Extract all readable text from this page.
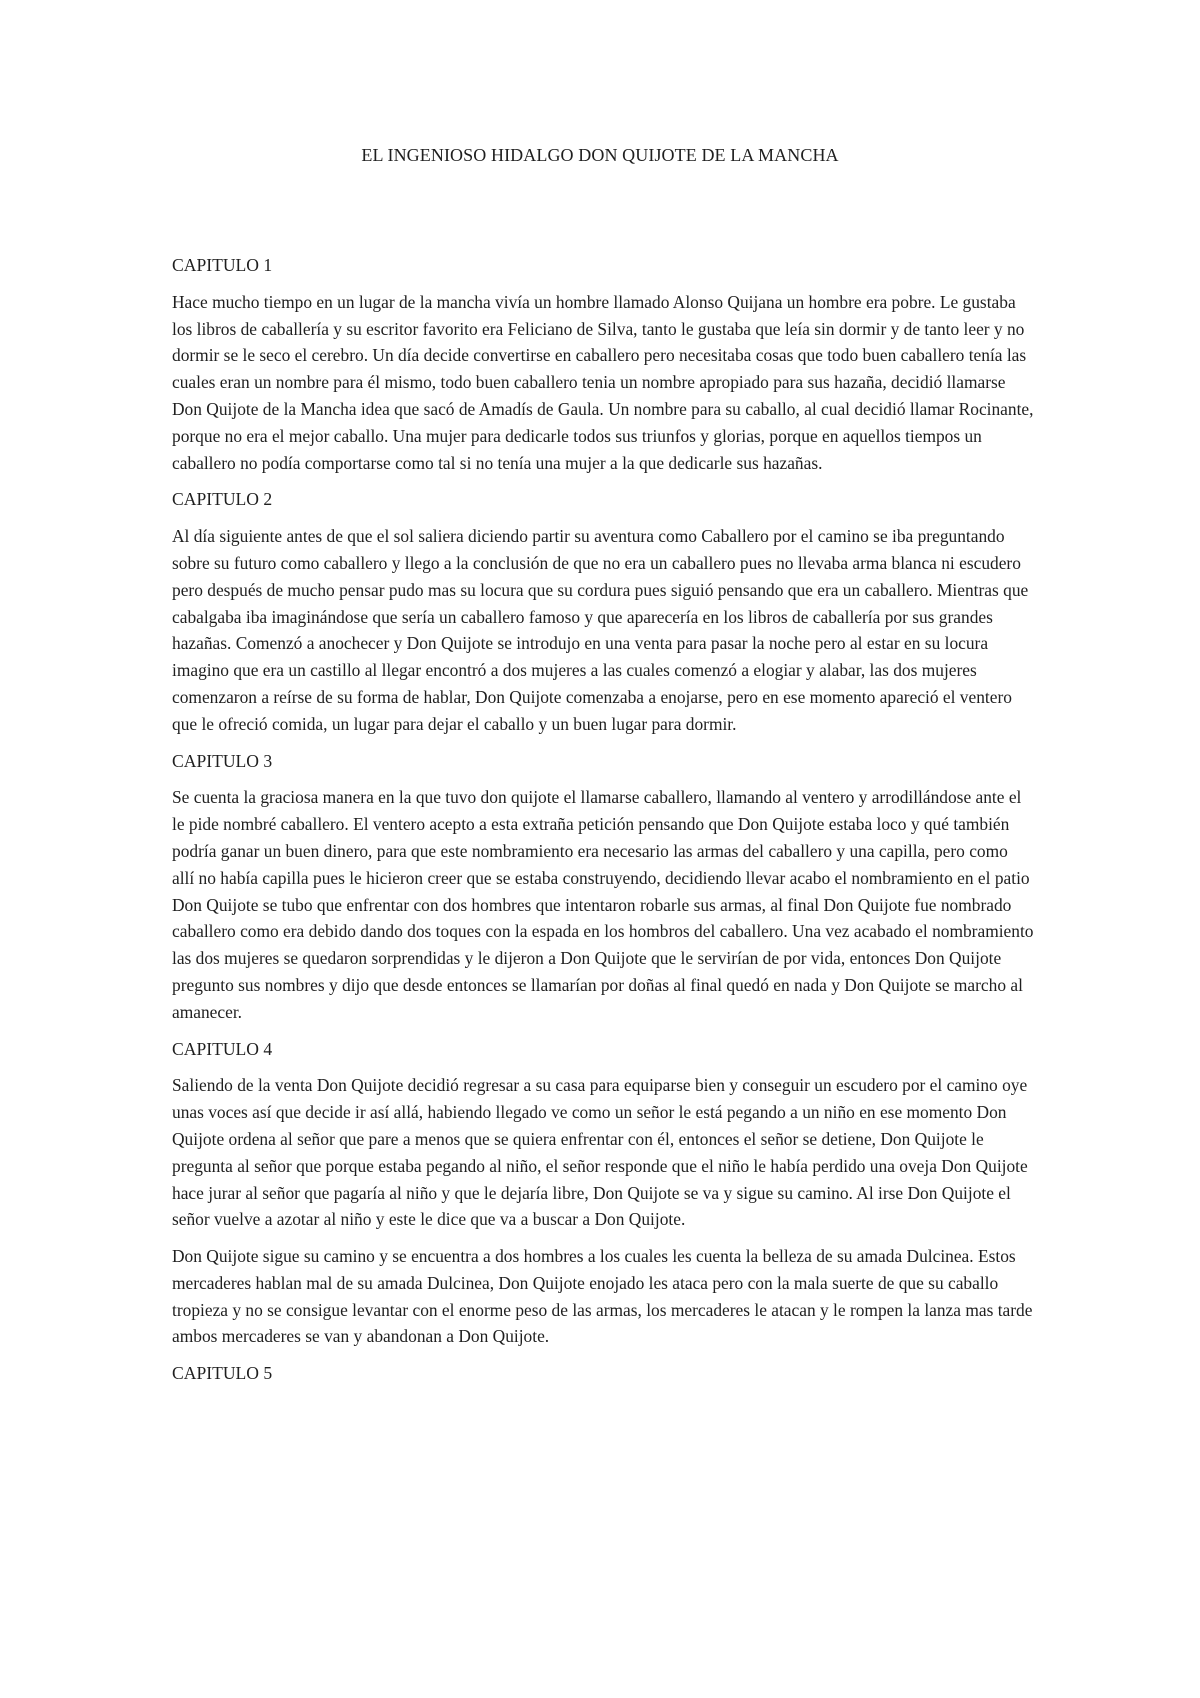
EL INGENIOSO HIDALGO DON QUIJOTE DE LA MANCHA
CAPITULO 1

Hace mucho tiempo en un lugar de la mancha vivía un hombre llamado Alonso Quijana un hombre era pobre. Le gustaba los libros de caballería y su escritor favorito era Feliciano de Silva, tanto le gustaba que leía sin dormir y de tanto leer y no dormir se le seco el cerebro. Un día decide convertirse en caballero pero necesitaba cosas que todo buen caballero tenía las cuales eran un nombre para él mismo, todo buen caballero tenia un nombre apropiado para sus hazaña, decidió llamarse Don Quijote de la Mancha idea que sacó de Amadís de Gaula. Un nombre para su caballo, al cual decidió llamar Rocinante, porque no era el mejor caballo. Una mujer para dedicarle todos sus triunfos y glorias, porque en aquellos tiempos un caballero no podía comportarse como tal si no tenía una mujer a la que dedicarle sus hazañas.

CAPITULO 2

Al día siguiente antes de que el sol saliera diciendo partir su aventura como Caballero por el camino se iba preguntando sobre su futuro como caballero y llego a la conclusión de que no era un caballero pues no llevaba arma blanca ni escudero pero después de mucho pensar pudo mas su locura que su cordura pues siguió pensando que era un caballero. Mientras que cabalgaba iba imaginándose que sería un caballero famoso y que aparecería en los libros de caballería por sus grandes hazañas. Comenzó a anochecer y Don Quijote se introdujo en una venta para pasar la noche pero al estar en su locura imagino que era un castillo al llegar encontró a dos mujeres a las cuales comenzó a elogiar y alabar, las dos mujeres comenzaron a reírse de su forma de hablar, Don Quijote comenzaba a enojarse, pero en ese momento apareció el ventero que le ofreció comida, un lugar para dejar el caballo y un buen lugar para dormir.

CAPITULO 3

Se cuenta la graciosa manera en la que tuvo don quijote el llamarse caballero, llamando al ventero y arrodillándose ante el le pide nombré caballero. El ventero acepto a esta extraña petición pensando que Don Quijote estaba loco y qué también podría ganar un buen dinero, para que este nombramiento era necesario las armas del caballero y una capilla, pero como allí no había capilla pues le hicieron creer que se estaba construyendo, decidiendo llevar acabo el nombramiento en el patio Don Quijote se tubo que enfrentar con dos hombres que intentaron robarle sus armas, al final Don Quijote fue nombrado caballero como era debido dando dos toques con la espada en los hombros del caballero. Una vez acabado el nombramiento las dos mujeres se quedaron sorprendidas y le dijeron a Don Quijote que le servirían de por vida, entonces Don Quijote pregunto sus nombres y dijo que desde entonces se llamarían por doñas al final quedó en nada y Don Quijote se marcho al amanecer.

CAPITULO 4

Saliendo de la venta Don Quijote decidió regresar a su casa para equiparse bien y conseguir un escudero por el camino oye unas voces así que decide ir así allá, habiendo llegado ve como un señor le está pegando a un niño en ese momento Don Quijote ordena al señor que pare a menos que se quiera enfrentar con él, entonces el señor se detiene, Don Quijote le pregunta al señor que porque estaba pegando al niño, el señor responde que el niño le había perdido una oveja Don Quijote hace jurar al señor que pagaría al niño y que le dejaría libre, Don Quijote se va y sigue su camino. Al irse Don Quijote el señor vuelve a azotar al niño y este le dice que va a buscar a Don Quijote.

Don Quijote sigue su camino y se encuentra a dos hombres a los cuales les cuenta la belleza de su amada Dulcinea. Estos mercaderes hablan mal de su amada Dulcinea, Don Quijote enojado les ataca pero con la mala suerte de que su caballo tropieza y no se consigue levantar con el enorme peso de las armas, los mercaderes le atacan y le rompen la lanza mas tarde ambos mercaderes se van y abandonan a Don Quijote.

CAPITULO 5
